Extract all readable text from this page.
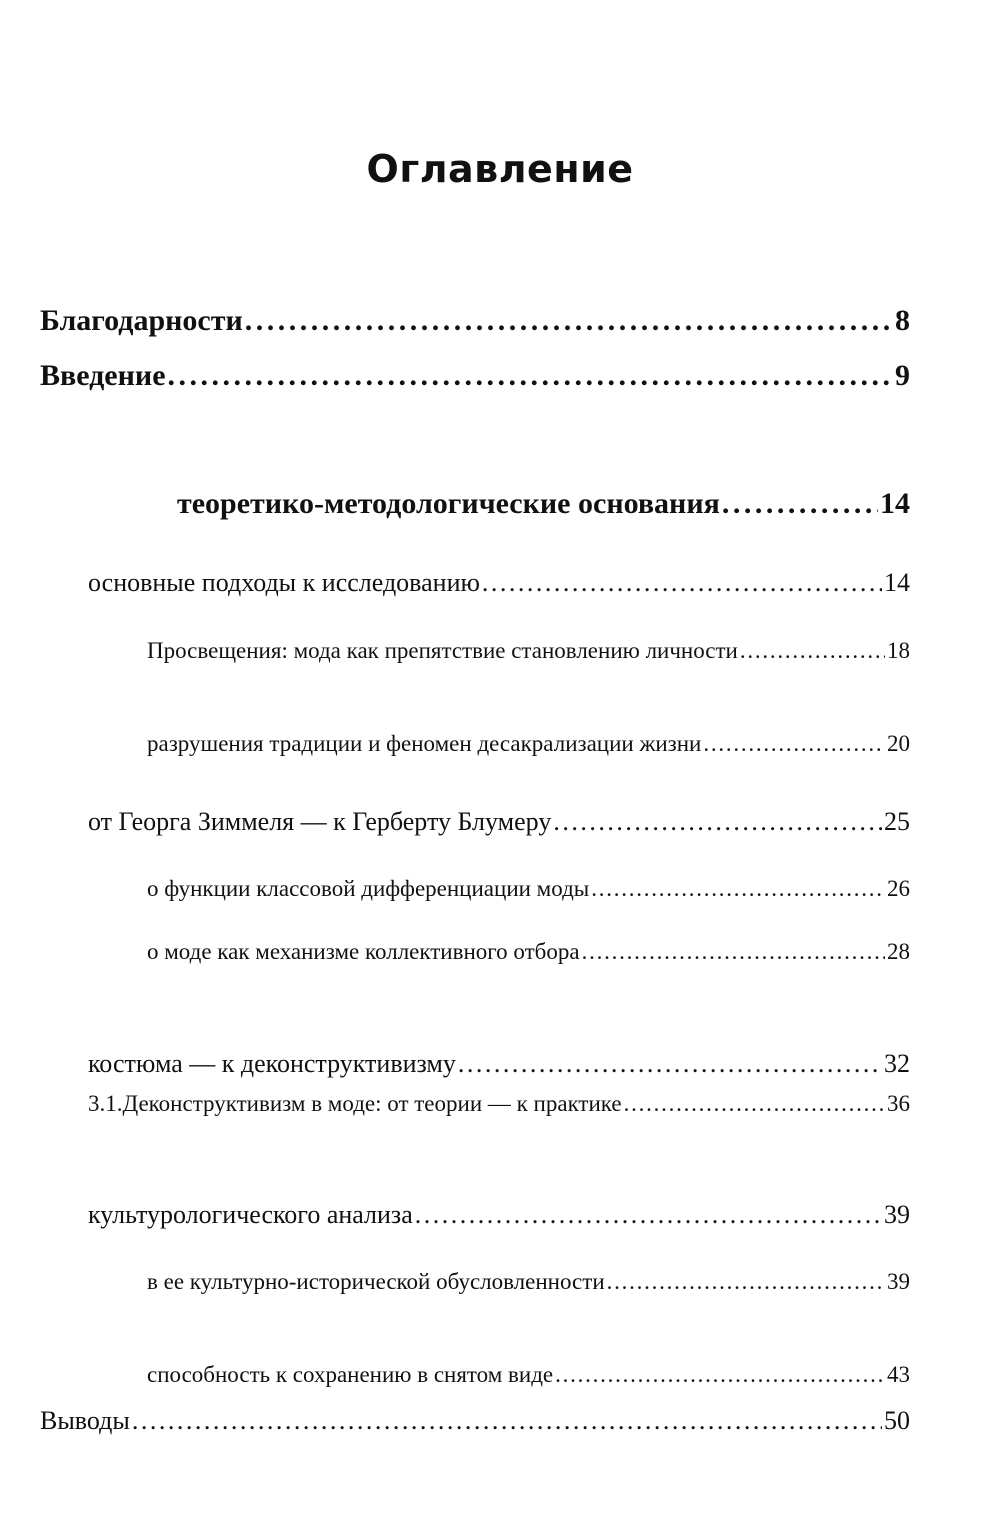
Оглавление
Благодарности . . .	8
Введение . . .	9
теоретико-методологические основания . . .	14
основные подходы к исследованию . . .	14
Просвещения: мода как препятствие становлению личности . . .	18
разрушения традиции и феномен десакрализации жизни . . .	20
от Георга Зиммеля — к Герберту Блумеру . . .	25
о функции классовой дифференциации моды . . .	26
о моде как механизме коллективного отбора . . .	28
костюма — к деконструктивизму . . .	32
3.1. Деконструктивизм в моде: от теории — к практике . . .	36
культурологического анализа . . .	39
в ее культурно-исторической обусловленности . . .	39
способность к сохранению в снятом виде . . .	43
Выводы . . .	50
